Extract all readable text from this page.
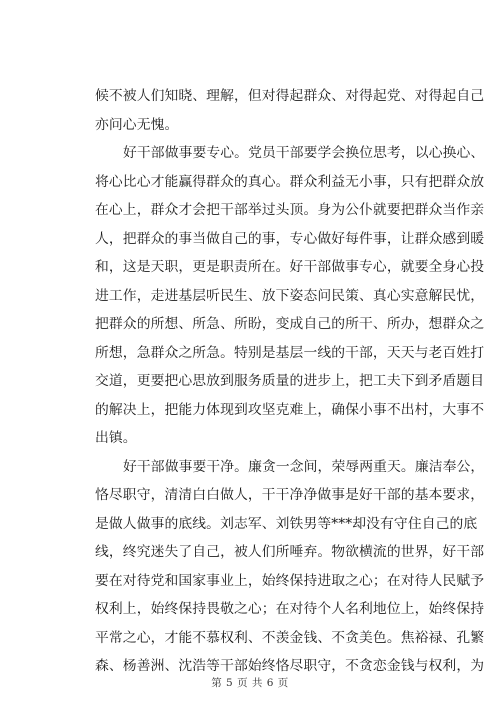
候不被人们知晓、理解，但对得起群众、对得起党、对得起自己
亦问心无愧。
好干部做事要专心。党员干部要学会换位思考，以心换心、
将心比心才能赢得群众的真心。群众利益无小事，只有把群众放
在心上，群众才会把干部举过头顶。身为公仆就要把群众当作亲
人，把群众的事当做自己的事，专心做好每件事，让群众感到暖
和，这是天职，更是职责所在。好干部做事专心，就要全身心投
进工作，走进基层听民生、放下姿态问民策、真心实意解民忧，
把群众的所想、所急、所盼，变成自己的所干、所办，想群众之
所想，急群众之所急。特别是基层一线的干部，天天与老百姓打
交道，更要把心思放到服务质量的进步上，把工夫下到矛盾题目
的解决上，把能力体现到攻坚克难上，确保小事不出村，大事不
出镇。
好干部做事要干净。廉贪一念间，荣辱两重天。廉洁奉公，
恪尽职守，清清白白做人，干干净净做事是好干部的基本要求，
是做人做事的底线。刘志军、刘铁男等***却没有守住自己的底
线，终究迷失了自己，被人们所唾弃。物欲横流的世界，好干部
要在对待党和国家事业上，始终保持进取之心；在对待人民赋予
权利上，始终保持畏敬之心；在对待个人名利地位上，始终保持
平常之心，才能不慕权利、不羡金钱、不贪美色。焦裕禄、孔繁
森、杨善洲、沈浩等干部始终恪尽职守，不贪恋金钱与权利，为
第 5 页 共 6 页
